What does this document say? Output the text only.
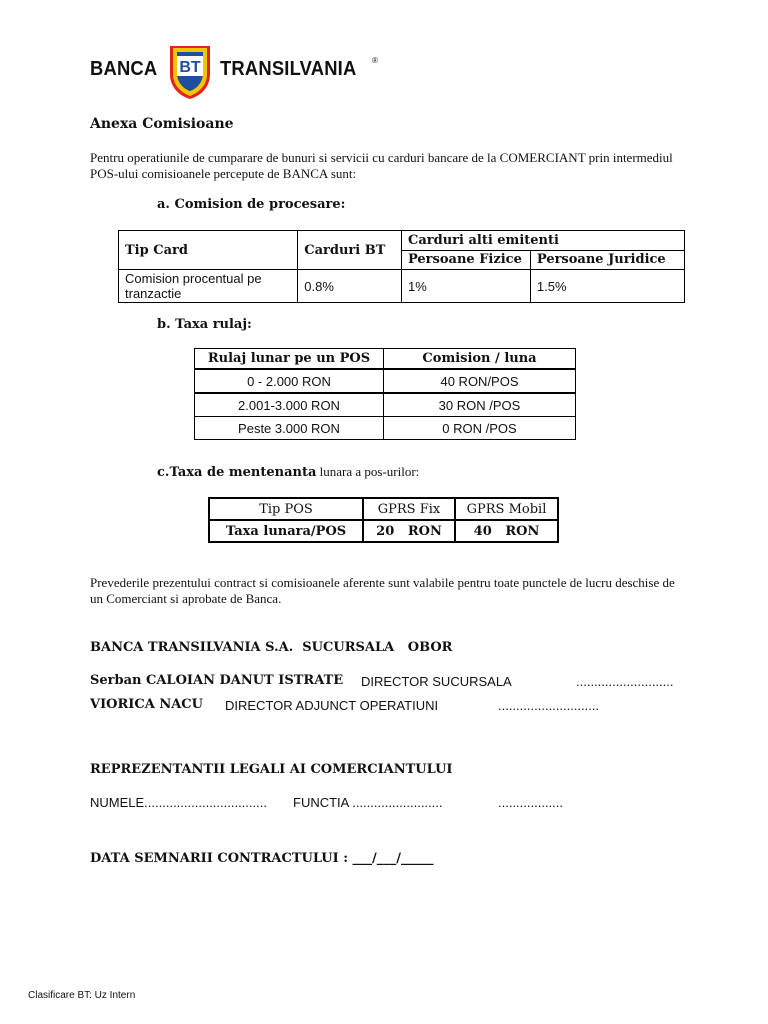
BANCA BT TRANSILVANIA ®
Anexa Comisioane
Pentru operatiunile de cumparare de bunuri si servicii cu carduri bancare de la COMERCIANT prin intermediul POS-ului comisioanele percepute de BANCA sunt:
a. Comision de procesare:
Tip Card	Carduri BT	Carduri alti emitenti	
		Persoane Fizice	Persoane Juridice
Comision procentual pe tranzactie	0.8%	1%	1.5%
b. Taxa rulaj:
Rulaj lunar pe un POS	Comision / luna
0 - 2.000 RON	40 RON/POS
2.001-3.000 RON	30 RON /POS
Peste 3.000 RON	0 RON /POS
c.Taxa de mentenanta lunara a pos-urilor:
Tip POS	GPRS Fix	GPRS Mobil
Taxa lunara/POS	20   RON	40   RON
Prevederile prezentului contract si comisioanele aferente sunt valabile pentru toate punctele de lucru deschise de un Comerciant si aprobate de Banca.
BANCA TRANSILVANIA S.A.  SUCURSALA   OBOR
Serban CALOIAN DANUT ISTRATE DIRECTOR SUCURSALA	...........................
VIORICA NACU DIRECTOR ADJUNCT OPERATIUNI	............................
REPREZENTANTII LEGALI AI COMERCIANTULUI
NUMELE.................................. FUNCTIA .........................	..................
DATA SEMNARII CONTRACTULUI : ___/___/_____
Clasificare BT: Uz Intern
